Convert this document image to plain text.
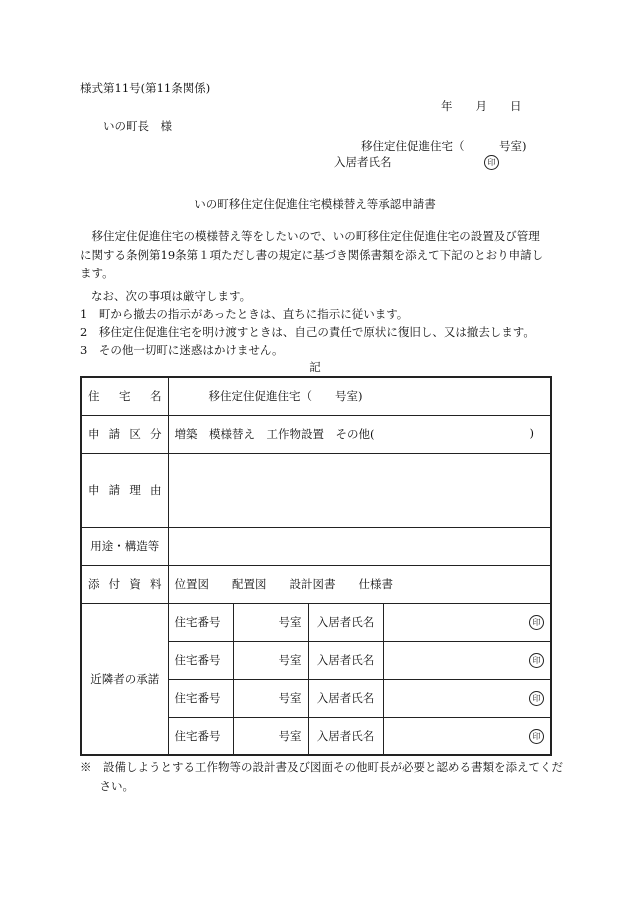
様式第11号(第11条関係)
年　　月　　日
いの町長　様
移住定住促進住宅（　　　号室)
入居者氏名	印
いの町移住定住促進住宅模様替え等承認申請書
移住定住促進住宅の模様替え等をしたいので、いの町移住定住促進住宅の設置及び管理に関する条例第19条第１項ただし書の規定に基づき関係書類を添えて下記のとおり申請します。
なお、次の事項は厳守します。
1　町から撤去の指示があったときは、直ちに指示に従います。
2　移住定住促進住宅を明け渡すときは、自己の責任で原状に復旧し、又は撤去します。
3　その他一切町に迷惑はかけません。
記
住 宅 名	移住定住促進住宅（　　号室)			

申 請 区 分	増築　模様替え　工作物設置　その他( )			

申 請 理 由				

用途・構造等				

添 付 資 料	位置図　　配置図　　設計図書　　仕様書			
近隣者の承諾	住宅番号	号室	入居者氏名	印
	住宅番号	号室	入居者氏名	印
	住宅番号	号室	入居者氏名	印
	住宅番号	号室	入居者氏名	印
※　設備しようとする工作物等の設計書及び図面その他町長が必要と認める書類を添えてください。
